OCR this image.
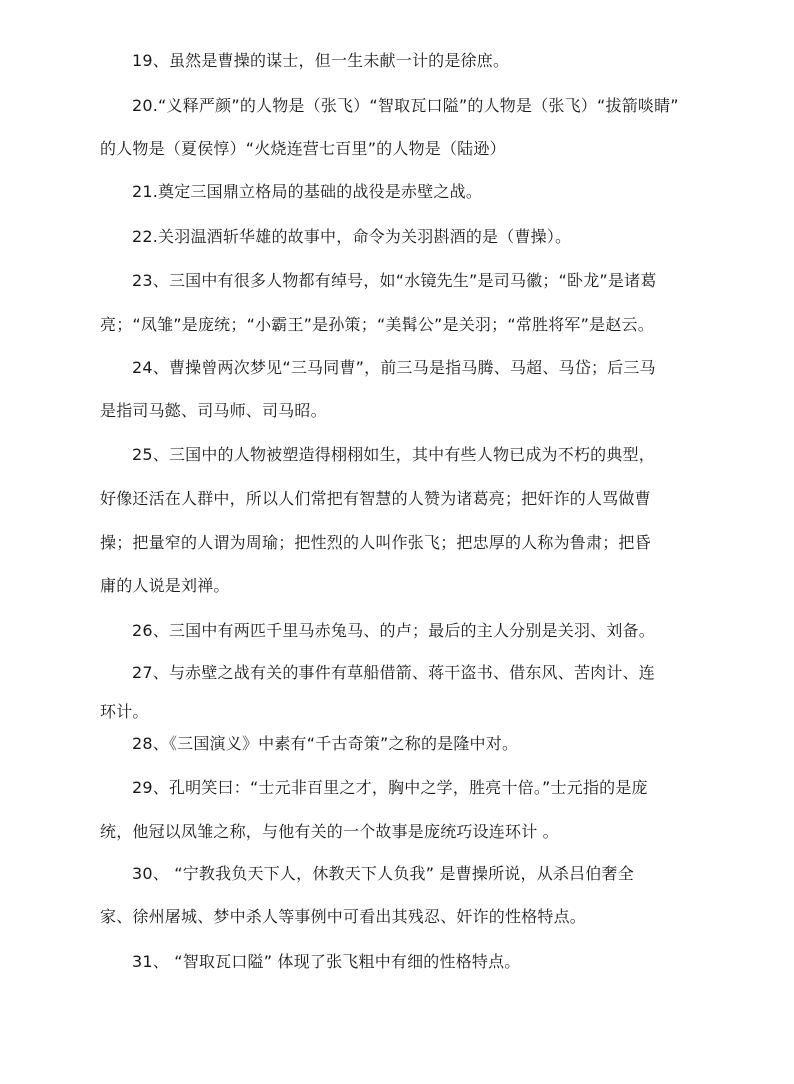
19、虽然是曹操的谋士，但一生未献一计的是徐庶。
20.“义释严颜”的人物是（张飞）“智取瓦口隘”的人物是（张飞）“拔箭啖睛”
的人物是（夏侯惇）“火烧连营七百里”的人物是（陆逊）
21.奠定三国鼎立格局的基础的战役是赤壁之战。
22.关羽温酒斩华雄的故事中，命令为关羽斟酒的是（曹操）。
23、三国中有很多人物都有绰号，如“水镜先生”是司马徽；“卧龙”是诸葛
亮；“凤雏”是庞统；“小霸王”是孙策；“美髯公”是关羽；“常胜将军”是赵云。
24、曹操曾两次梦见“三马同曹”，前三马是指马腾、马超、马岱；后三马
是指司马懿、司马师、司马昭。
25、三国中的人物被塑造得栩栩如生，其中有些人物已成为不朽的典型，
好像还活在人群中，所以人们常把有智慧的人赞为诸葛亮；把奸诈的人骂做曹
操；把量窄的人谓为周瑜；把性烈的人叫作张飞；把忠厚的人称为鲁肃；把昏
庸的人说是刘禅。
26、三国中有两匹千里马赤兔马、的卢；最后的主人分别是关羽、刘备。
27、与赤壁之战有关的事件有草船借箭、蒋干盗书、借东风、苦肉计、连
环计。
28、《三国演义》中素有“千古奇策”之称的是隆中对。
29、孔明笑曰：“士元非百里之才，胸中之学，胜亮十倍。”士元指的是庞
统，他冠以凤雏之称，与他有关的一个故事是庞统巧设连环计 。
30、 “宁教我负天下人，休教天下人负我” 是曹操所说，从杀吕伯奢全
家、徐州屠城、梦中杀人等事例中可看出其残忍、奸诈的性格特点。
31、 “智取瓦口隘” 体现了张飞粗中有细的性格特点。
